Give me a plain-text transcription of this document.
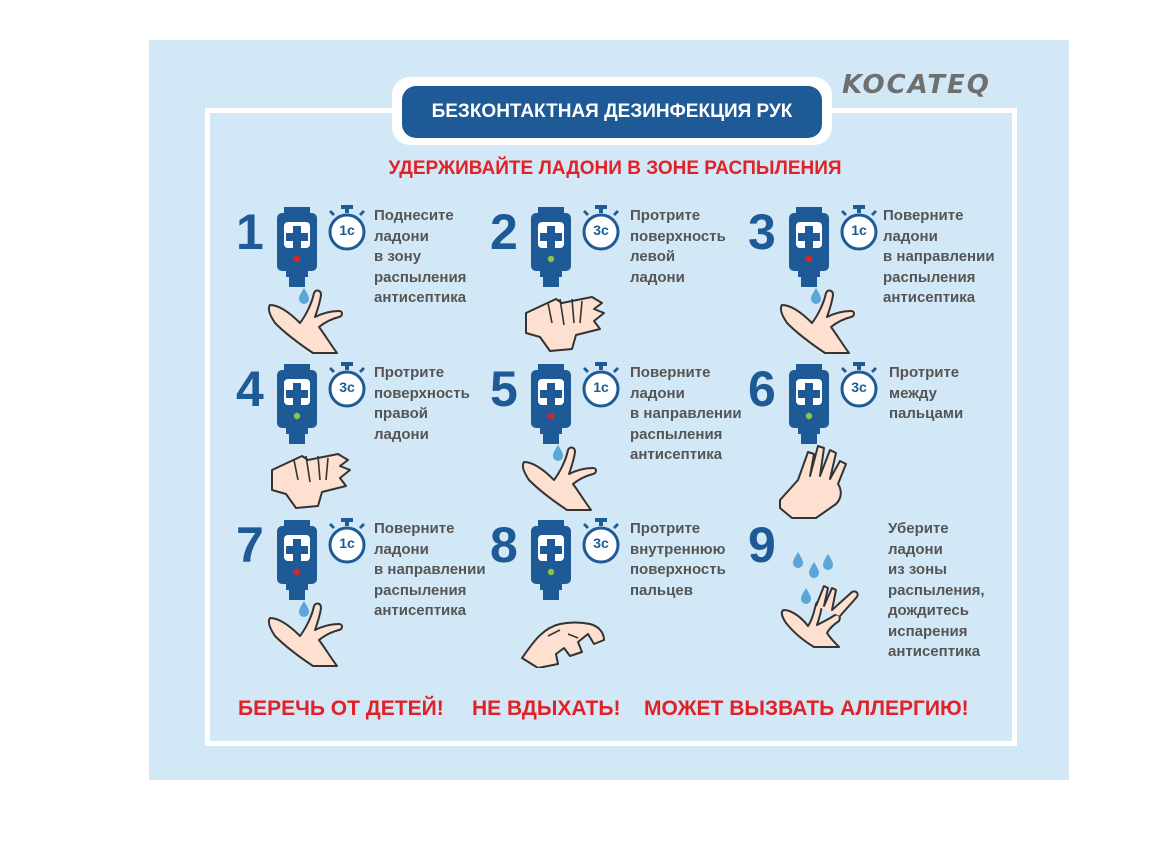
KOCATEQ
БЕЗКОНТАКТНАЯ ДЕЗИНФЕКЦИЯ РУК
УДЕРЖИВАЙТЕ ЛАДОНИ В ЗОНЕ РАСПЫЛЕНИЯ
1	1с
Поднесите
ладони
в зону
распыления
антисептика
2	3с
Протрите
поверхность
левой
ладони
3	1с
Поверните
ладони
в направлении
распыления
антисептика
4	3с
Протрите
поверхность
правой
ладони
5	1с
Поверните
ладони
в направлении
распыления
антисептика
6	3с
Протрите
между
пальцами
7	1с
Поверните
ладони
в направлении
распыления
антисептика
8	3с
Протрите
внутреннюю
поверхность
пальцев
9	Уберите
ладони
из зоны
распыления,
дождитесь
испарения
антисептика
БЕРЕЧЬ ОТ ДЕТЕЙ! НЕ ВДЫХАТЬ! МОЖЕТ ВЫЗВАТЬ АЛЛЕРГИЮ!
